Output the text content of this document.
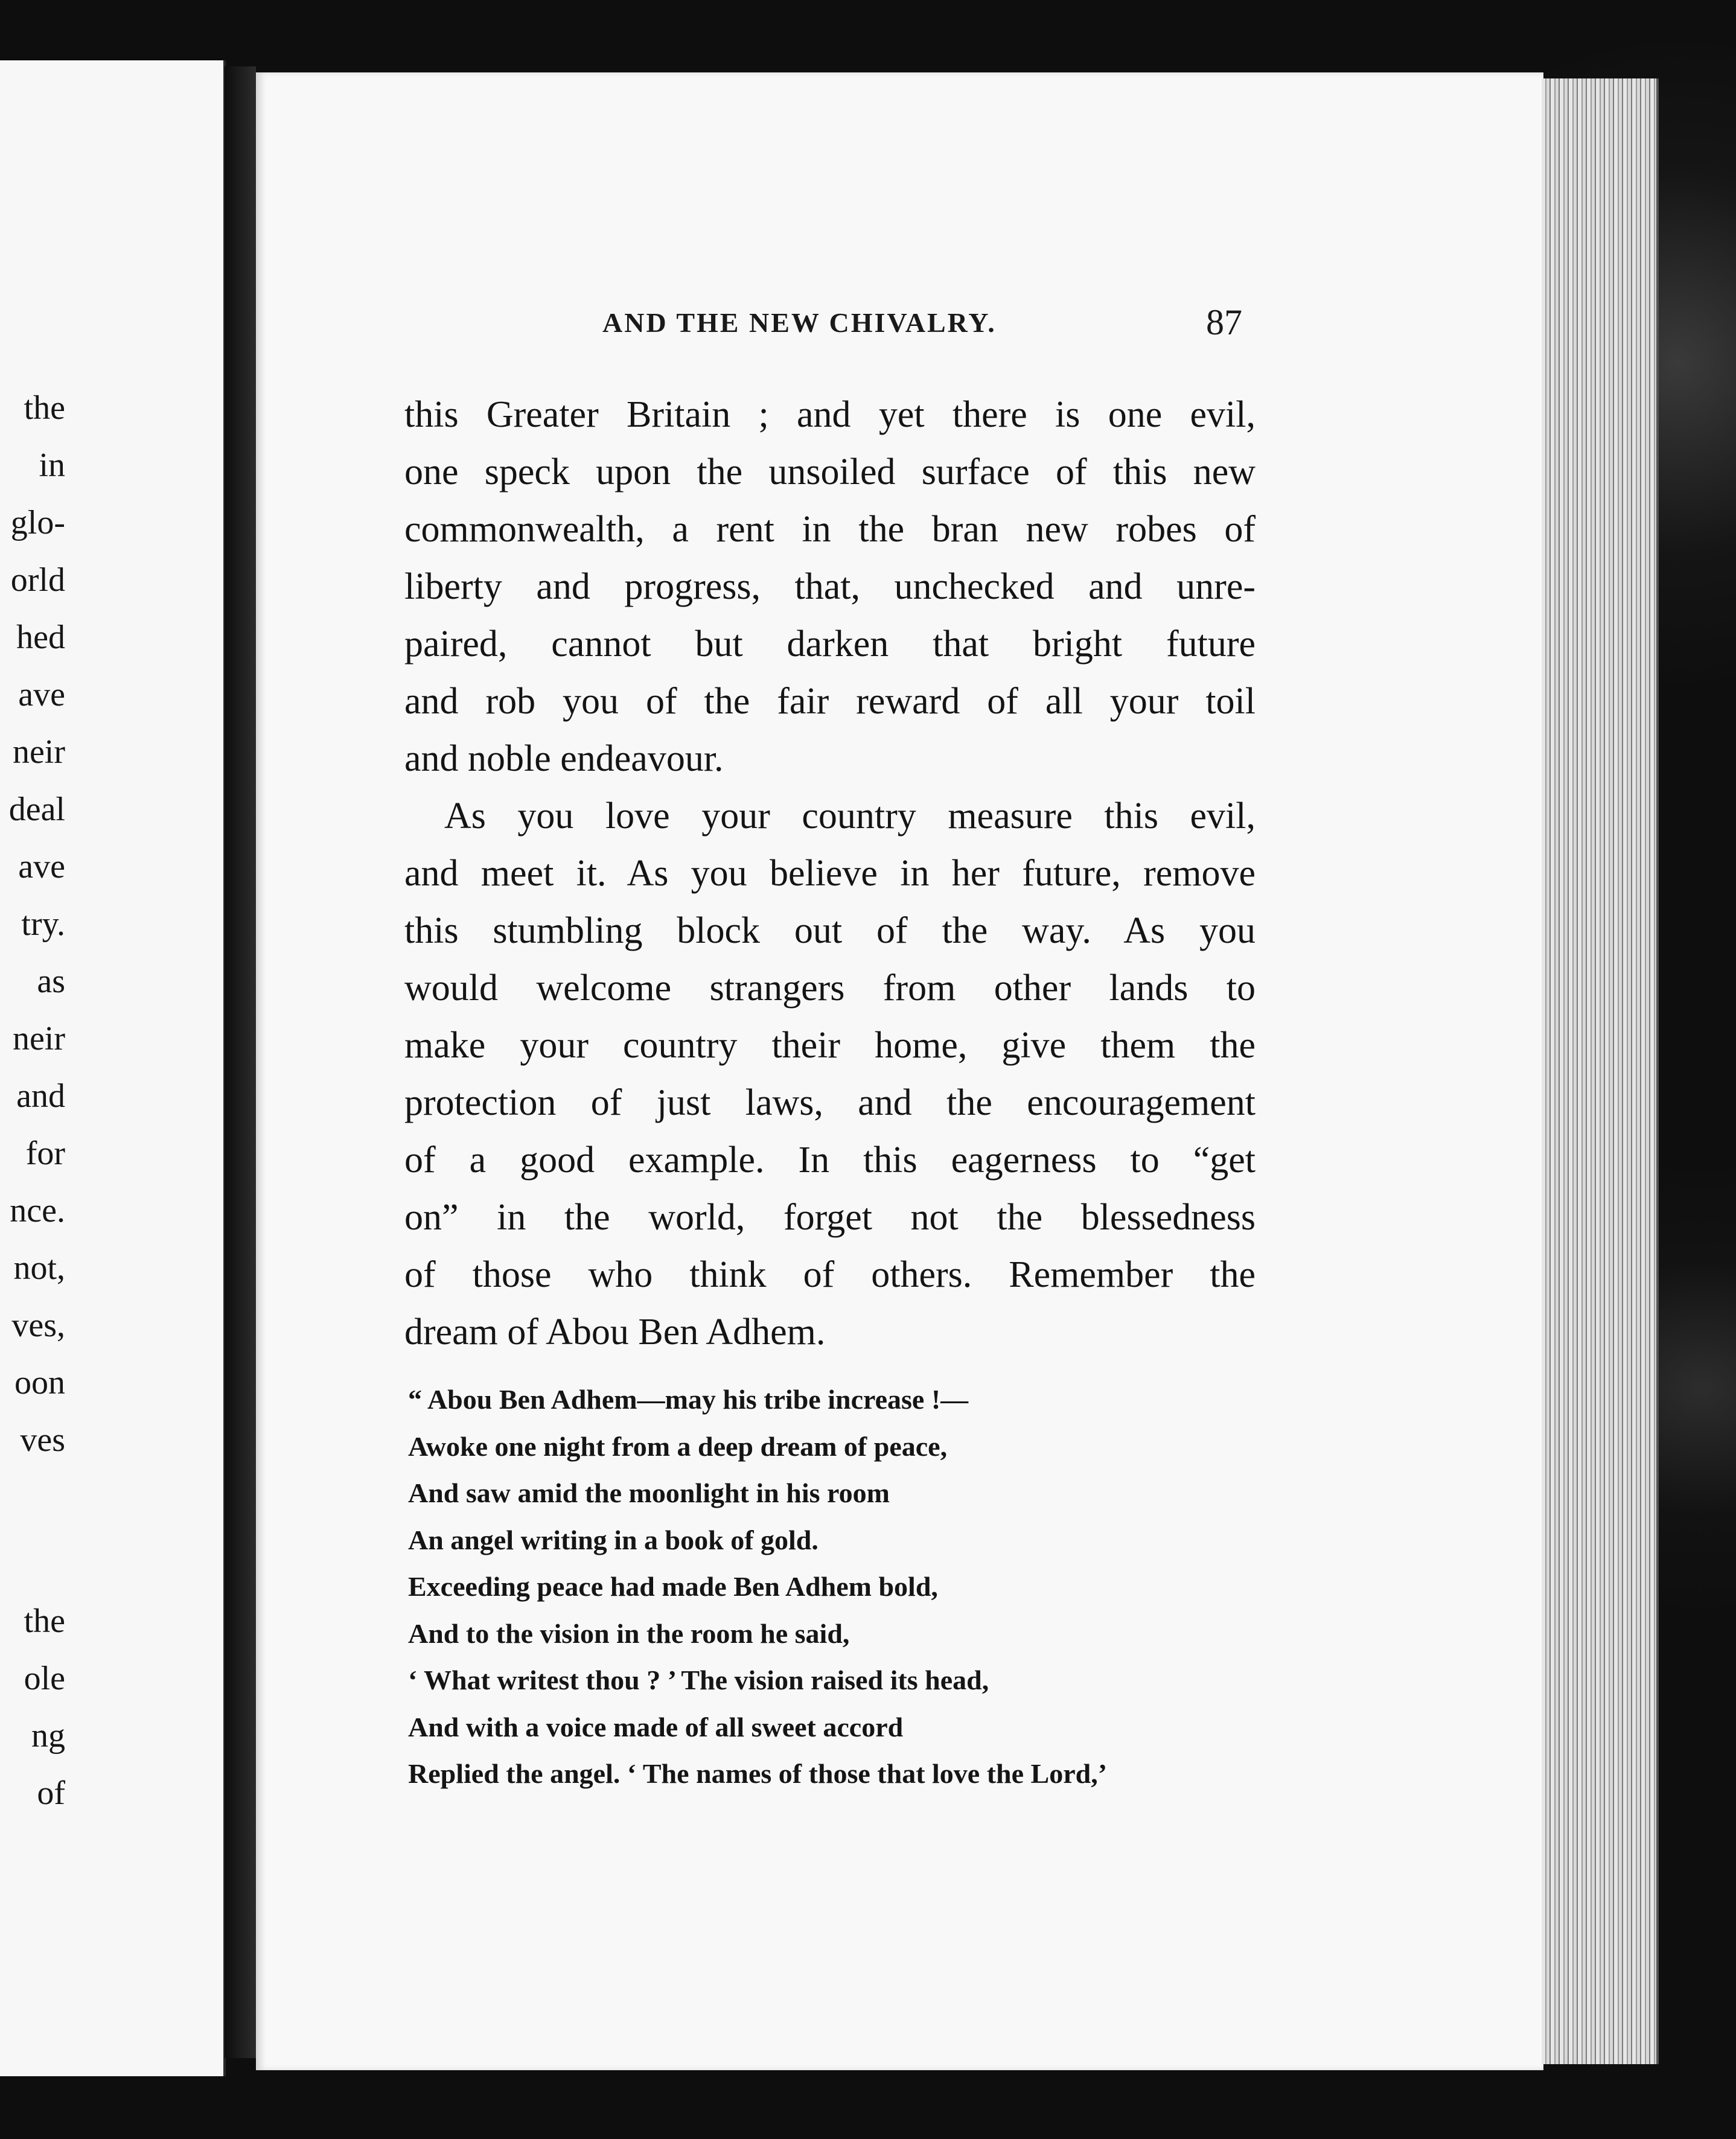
the

in

glo-

orld

hed

ave

neir

deal

ave

try.

as

neir

and

for

nce.

not,

ves,

oon

ves

the

ole

ng

of

AND THE NEW CHIVALRY.	87

this Greater Britain ; and yet there is one evil,
one speck upon the unsoiled surface of this new
commonwealth, a rent in the bran new robes of
liberty and progress, that, unchecked and unre-
paired, cannot but darken that bright future
and rob you of the fair reward of all your toil
and noble endeavour.

As you love your country measure this evil,
and meet it. As you believe in her future, remove
this stumbling block out of the way. As you
would welcome strangers from other lands to
make your country their home, give them the
protection of just laws, and the encouragement
of a good example. In this eagerness to “get
on” in the world, forget not the blessedness
of those who think of others. Remember the
dream of Abou Ben Adhem.

“ Abou Ben Adhem—may his tribe increase !—
Awoke one night from a deep dream of peace,
And saw amid the moonlight in his room
An angel writing in a book of gold.
Exceeding peace had made Ben Adhem bold,
And to the vision in the room he said,
‘ What writest thou ? ’ The vision raised its head,
And with a voice made of all sweet accord
Replied the angel. ‘ The names of those that love the Lord,’
